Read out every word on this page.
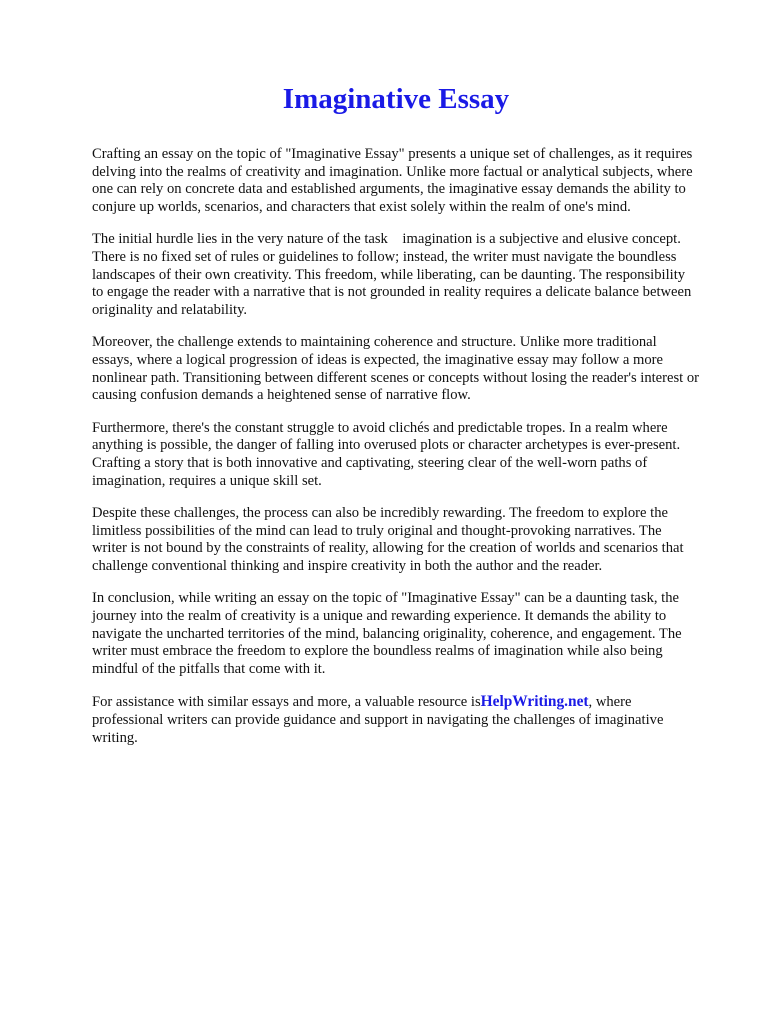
Imaginative Essay

Crafting an essay on the topic of "Imaginative Essay" presents a unique set of challenges, as it requires delving into the realms of creativity and imagination. Unlike more factual or analytical subjects, where one can rely on concrete data and established arguments, the imaginative essay demands the ability to conjure up worlds, scenarios, and characters that exist solely within the realm of one's mind.

The initial hurdle lies in the very nature of the task    imagination is a subjective and elusive concept. There is no fixed set of rules or guidelines to follow; instead, the writer must navigate the boundless landscapes of their own creativity. This freedom, while liberating, can be daunting. The responsibility to engage the reader with a narrative that is not grounded in reality requires a delicate balance between originality and relatability.

Moreover, the challenge extends to maintaining coherence and structure. Unlike more traditional essays, where a logical progression of ideas is expected, the imaginative essay may follow a more nonlinear path. Transitioning between different scenes or concepts without losing the reader's interest or causing confusion demands a heightened sense of narrative flow.

Furthermore, there's the constant struggle to avoid clichés and predictable tropes. In a realm where anything is possible, the danger of falling into overused plots or character archetypes is ever-present. Crafting a story that is both innovative and captivating, steering clear of the well-worn paths of imagination, requires a unique skill set.

Despite these challenges, the process can also be incredibly rewarding. The freedom to explore the limitless possibilities of the mind can lead to truly original and thought-provoking narratives. The writer is not bound by the constraints of reality, allowing for the creation of worlds and scenarios that challenge conventional thinking and inspire creativity in both the author and the reader.

In conclusion, while writing an essay on the topic of "Imaginative Essay" can be a daunting task, the journey into the realm of creativity is a unique and rewarding experience. It demands the ability to navigate the uncharted territories of the mind, balancing originality, coherence, and engagement. The writer must embrace the freedom to explore the boundless realms of imagination while also being mindful of the pitfalls that come with it.

For assistance with similar essays and more, a valuable resource isHelpWriting.net, where professional writers can provide guidance and support in navigating the challenges of imaginative writing.
